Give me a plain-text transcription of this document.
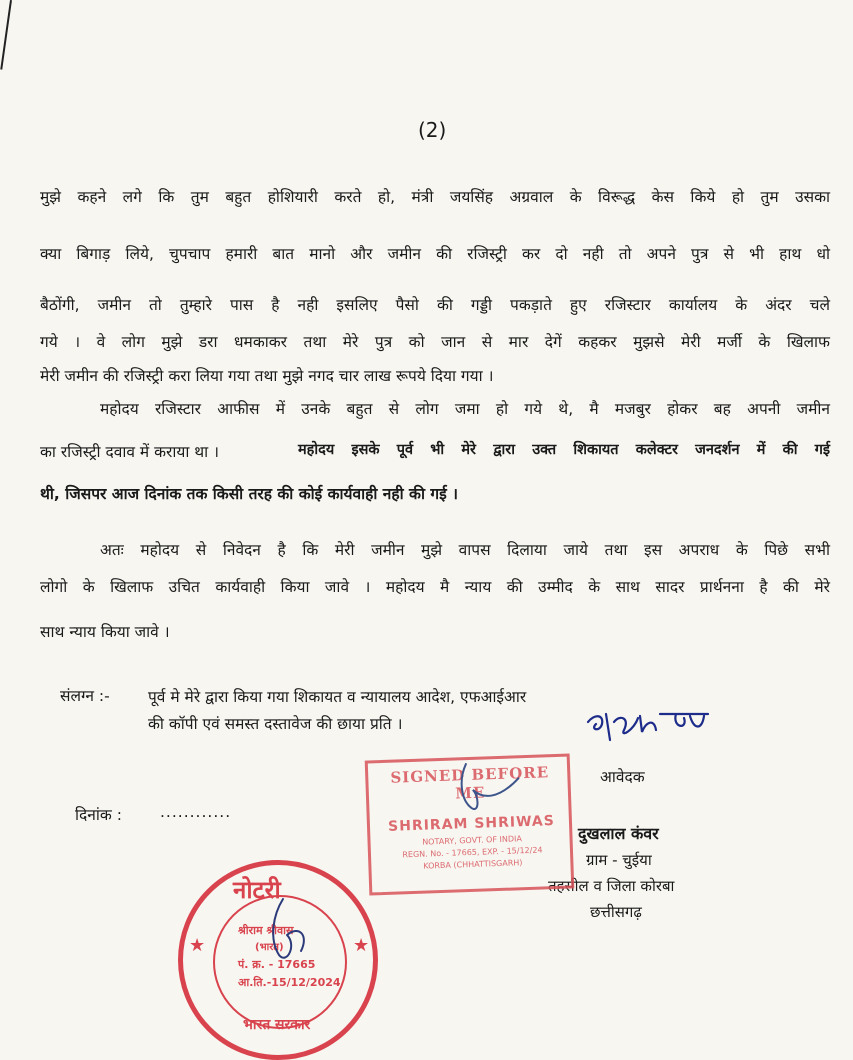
(2)
मुझे कहने लगे कि तुम बहुत होशियारी करते हो, मंत्री जयसिंह अग्रवाल के विरूद्ध केस किये हो तुम उसका
क्या बिगाड़ लिये, चुपचाप हमारी बात मानो और जमीन की रजिस्ट्री कर दो नही तो अपने पुत्र से भी हाथ धो
बैठोंगी, जमीन तो तुम्हारे पास है नही इसलिए पैसो की गड्डी पकड़ाते हुए रजिस्टार कार्यालय के अंदर चले
गये । वे लोग मुझे डरा धमकाकर तथा मेरे पुत्र को जान से मार देगें कहकर मुझसे मेरी मर्जी के खिलाफ
मेरी जमीन की रजिस्ट्री करा लिया गया तथा मुझे नगद चार लाख रूपये दिया गया ।
महोदय रजिस्टार आफीस में उनके बहुत से लोग जमा हो गये थे, मै मजबुर होकर बह अपनी जमीन
का रजिस्ट्री दवाव में कराया था ।	महोदय इसके पूर्व भी मेरे द्वारा उक्त शिकायत कलेक्टर जनदर्शन में की गई
थी, जिसपर आज दिनांक तक किसी तरह की कोई कार्यवाही नही की गई ।
अतः महोदय से निवेदन है कि मेरी जमीन मुझे वापस दिलाया जाये तथा इस अपराध के पिछे सभी
लोगो के खिलाफ उचित कार्यवाही किया जावे । महोदय मै न्याय की उम्मीद के साथ सादर प्रार्थनना है की मेरे
साथ न्याय किया जावे ।
संलग्न :- पूर्व मे मेरे द्वारा किया गया शिकायत व न्यायालय आदेश, एफआईआर
की कॉपी एवं समस्त दस्तावेज की छाया प्रति ।
आवेदक
दिनांक : ............
दुखलाल कंवर
ग्राम - चुईया
तहसील व जिला कोरबा
छत्तीसगढ़
SIGNED BEFORE ME
SHRIRAM SHRIWAS
NOTARY, GOVT. OF INDIA
REGN. No. - 17665, EXP. - 15/12/24
KORBA (CHHATTISGARH)
नोटरी
★	★
श्रीराम श्रीवास
(भारत)
पं. क्र. - 17665
आ.ति.-15/12/2024
भारत सरकार
